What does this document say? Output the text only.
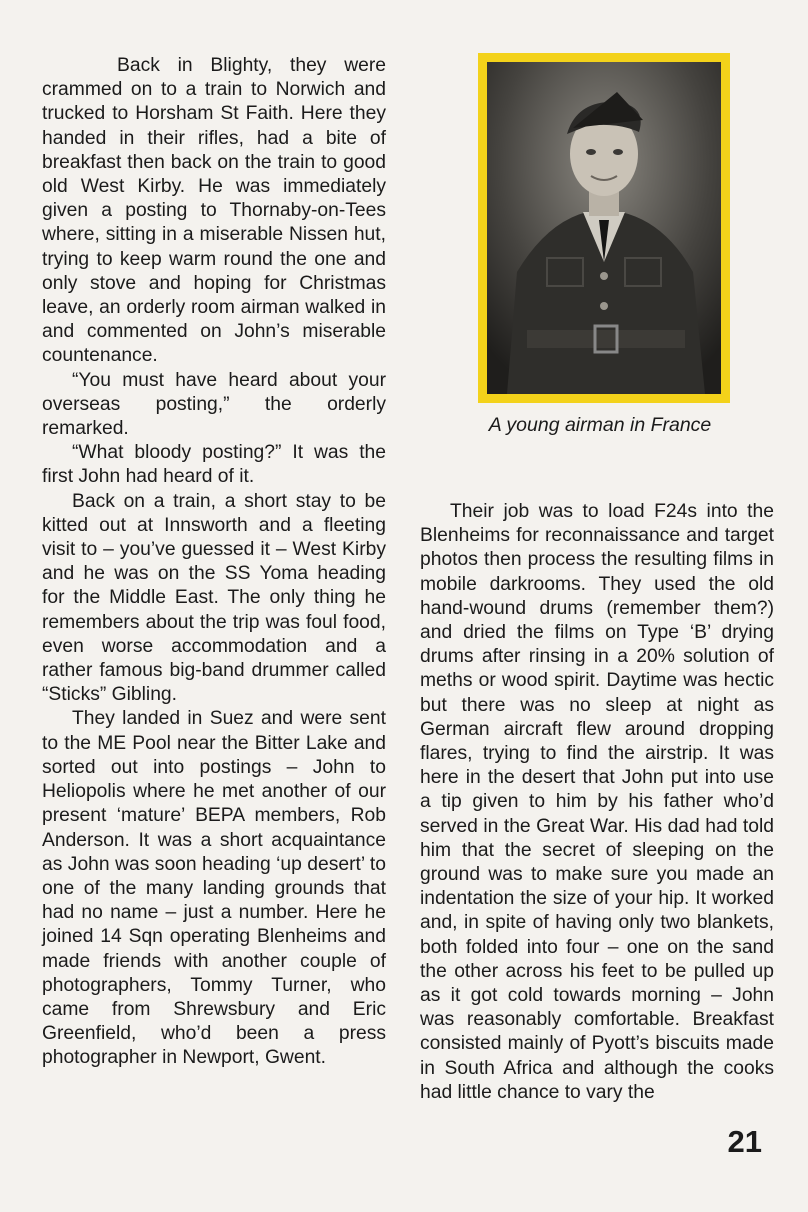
Back in Blighty, they were crammed on to a train to Norwich and trucked to Horsham St Faith. Here they handed in their rifles, had a bite of breakfast then back on the train to good old West Kirby. He was immediately given a posting to Thornaby-on-Tees where, sitting in a miserable Nissen hut, trying to keep warm round the one and only stove and hoping for Christmas leave, an orderly room airman walked in and commented on John’s miserable countenance.

“You must have heard about your overseas posting,” the orderly remarked.

“What bloody posting?” It was the first John had heard of it.

Back on a train, a short stay to be kitted out at Innsworth and a fleeting visit to – you’ve guessed it – West Kirby and he was on the SS Yoma heading for the Middle East. The only thing he remembers about the trip was foul food, even worse accommodation and a rather famous big-band drummer called “Sticks” Gibling.

They landed in Suez and were sent to the ME Pool near the Bitter Lake and sorted out into postings – John to Heliopolis where he met another of our present ‘mature’ BEPA members, Rob Anderson. It was a short acquaintance as John was soon heading ‘up desert’ to one of the many landing grounds that had no name – just a number. Here he joined 14 Sqn operating Blenheims and made friends with another couple of photographers, Tommy Turner, who came from Shrewsbury and Eric Greenfield, who’d been a press photographer in Newport, Gwent.

A young airman in France

Their job was to load F24s into the Blenheims for reconnaissance and target photos then process the resulting films in mobile darkrooms. They used the old hand-wound drums (remember them?) and dried the films on Type ‘B’ drying drums after rinsing in a 20% solution of meths or wood spirit. Daytime was hectic but there was no sleep at night as German aircraft flew around dropping flares, trying to find the airstrip. It was here in the desert that John put into use a tip given to him by his father who’d served in the Great War. His dad had told him that the secret of sleeping on the ground was to make sure you made an indentation the size of your hip. It worked and, in spite of having only two blankets, both folded into four – one on the sand the other across his feet to be pulled up as it got cold towards morning – John was reasonably comfortable. Breakfast consisted mainly of Pyott’s biscuits made in South Africa and although the cooks had little chance to vary the

21
